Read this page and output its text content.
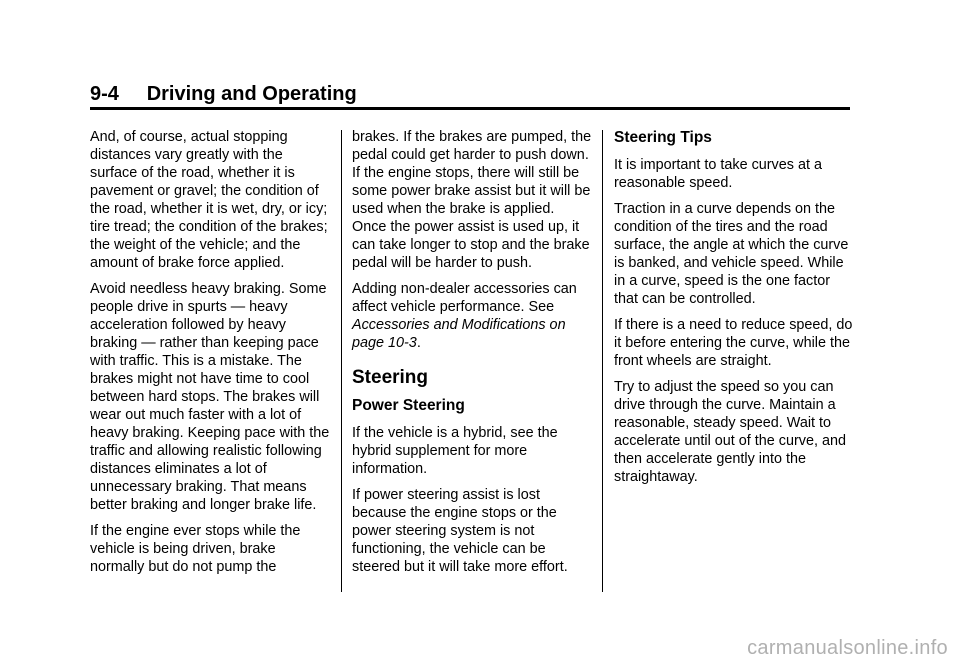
9-4     Driving and Operating

And, of course, actual stopping distances vary greatly with the surface of the road, whether it is pavement or gravel; the condition of the road, whether it is wet, dry, or icy; tire tread; the condition of the brakes; the weight of the vehicle; and the amount of brake force applied.

Avoid needless heavy braking. Some people drive in spurts — heavy acceleration followed by heavy braking — rather than keeping pace with traffic. This is a mistake. The brakes might not have time to cool between hard stops. The brakes will wear out much faster with a lot of heavy braking. Keeping pace with the traffic and allowing realistic following distances eliminates a lot of unnecessary braking. That means better braking and longer brake life.

If the engine ever stops while the vehicle is being driven, brake normally but do not pump the

brakes. If the brakes are pumped, the pedal could get harder to push down. If the engine stops, there will still be some power brake assist but it will be used when the brake is applied. Once the power assist is used up, it can take longer to stop and the brake pedal will be harder to push.

Adding non-dealer accessories can affect vehicle performance. See Accessories and Modifications on page 10-3.

Steering
Power Steering

If the vehicle is a hybrid, see the hybrid supplement for more information.

If power steering assist is lost because the engine stops or the power steering system is not functioning, the vehicle can be steered but it will take more effort.

Steering Tips

It is important to take curves at a reasonable speed.

Traction in a curve depends on the condition of the tires and the road surface, the angle at which the curve is banked, and vehicle speed. While in a curve, speed is the one factor that can be controlled.

If there is a need to reduce speed, do it before entering the curve, while the front wheels are straight.

Try to adjust the speed so you can drive through the curve. Maintain a reasonable, steady speed. Wait to accelerate until out of the curve, and then accelerate gently into the straightaway.

carmanualsonline.info
